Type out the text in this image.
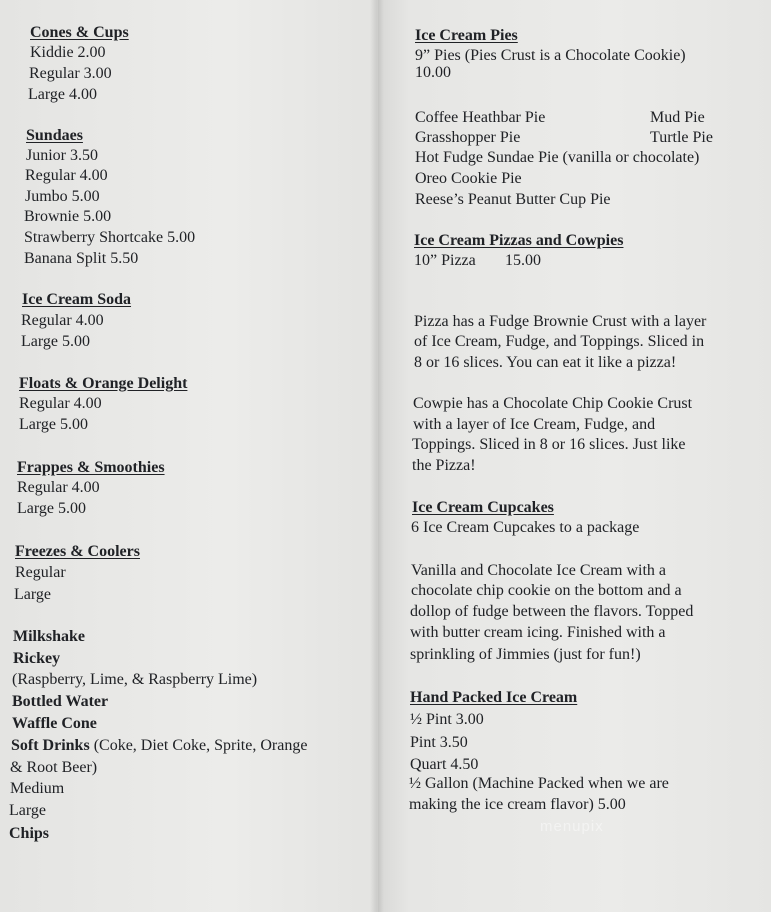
Cones & Cups
Kiddie 2.00
Regular 3.00
Large 4.00
Sundaes
Junior 3.50
Regular 4.00
Jumbo 5.00
Brownie 5.00
Strawberry Shortcake 5.00
Banana Split 5.50
Ice Cream Soda
Regular 4.00
Large 5.00
Floats & Orange Delight
Regular 4.00
Large 5.00
Frappes & Smoothies
Regular 4.00
Large 5.00
Freezes & Coolers
Regular
Large
Milkshake
Rickey
(Raspberry, Lime, & Raspberry Lime)
Bottled Water
Waffle Cone
Soft Drinks (Coke, Diet Coke, Sprite, Orange
& Root Beer)
Medium
Large
Chips
Ice Cream Pies
9” Pies (Pies Crust is a Chocolate Cookie)
10.00
Coffee Heathbar Pie	Mud Pie
Grasshopper Pie	Turtle Pie
Hot Fudge Sundae Pie (vanilla or chocolate)
Oreo Cookie Pie
Reese’s Peanut Butter Cup Pie
Ice Cream Pizzas and Cowpies
10” Pizza 15.00
Pizza has a Fudge Brownie Crust with a layer
of Ice Cream, Fudge, and Toppings. Sliced in
8 or 16 slices. You can eat it like a pizza!
Cowpie has a Chocolate Chip Cookie Crust
with a layer of Ice Cream, Fudge, and
Toppings. Sliced in 8 or 16 slices. Just like
the Pizza!
Ice Cream Cupcakes
6 Ice Cream Cupcakes to a package
Vanilla and Chocolate Ice Cream with a
chocolate chip cookie on the bottom and a
dollop of fudge between the flavors. Topped
with butter cream icing. Finished with a
sprinkling of Jimmies (just for fun!)
Hand Packed Ice Cream
½ Pint 3.00
Pint 3.50
Quart 4.50
½ Gallon (Machine Packed when we are
making the ice cream flavor) 5.00
menupix
